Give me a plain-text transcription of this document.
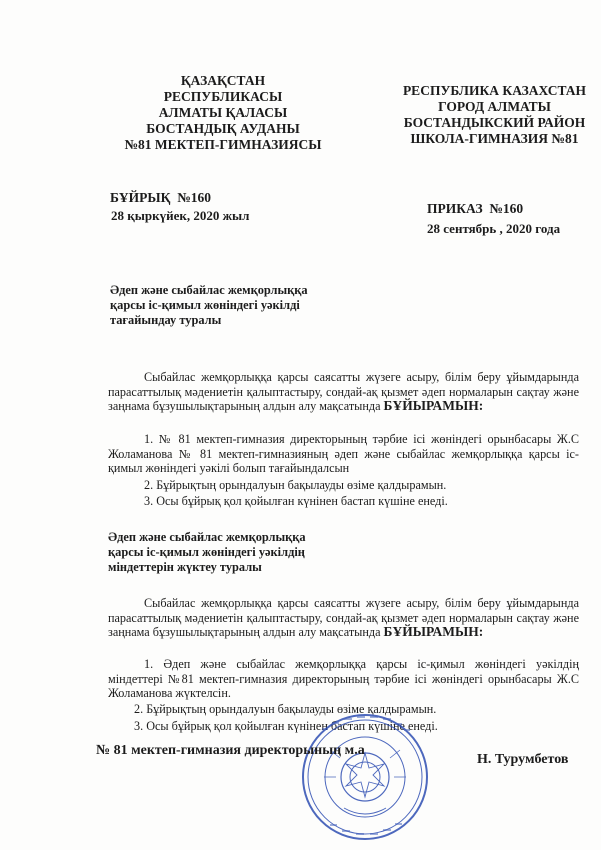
ҚАЗАҚСТАН
РЕСПУБЛИКАСЫ
АЛМАТЫ ҚАЛАСЫ
БОСТАНДЫҚ АУДАНЫ
№81 МЕКТЕП-ГИМНАЗИЯСЫ
РЕСПУБЛИКА КАЗАХСТАН
ГОРОД АЛМАТЫ
БОСТАНДЫКСКИЙ РАЙОН
ШКОЛА-ГИМНАЗИЯ №81
БҰЙРЫҚ  №160
28 қыркүйек, 2020 жыл	ПРИКАЗ  №160
28 сентябрь , 2020 года
Әдеп және сыбайлас жемқорлыққа
қарсы іс-қимыл жөніндегі уәкілді
тағайындау туралы
Сыбайлас жемқорлыққа қарсы саясатты жүзеге асыру, білім беру ұйымдарында парасаттылық мәдениетін қалыптастыру, сондай-ақ қызмет әдеп нормаларын сақтау және заңнама бұзушылықтарының алдын алу мақсатында БҰЙЫРАМЫН:
1. № 81 мектеп-гимназия директорының тәрбие ісі жөніндегі орынбасары Ж.С Жоламанова № 81 мектеп-гимназияның әдеп және сыбайлас жемқорлыққа қарсы іс-қимыл жөніндегі уәкілі болып тағайындалсын
2. Бұйрықтың орындалуын бақылауды өзіме қалдырамын.
3. Осы бұйрық қол қойылған күнінен бастап күшіне енеді.
Әдеп және сыбайлас жемқорлыққа
қарсы іс-қимыл жөніндегі уәкілдің
міндеттерін жүктеу туралы
Сыбайлас жемқорлыққа қарсы саясатты жүзеге асыру, білім беру ұйымдарында парасаттылық мәдениетін қалыптастыру, сондай-ақ қызмет әдеп нормаларын сақтау және заңнама бұзушылықтарының алдын алу мақсатында БҰЙЫРАМЫН:
1. Әдеп және сыбайлас жемқорлыққа қарсы іс-қимыл жөніндегі уәкілдің міндеттері №81 мектеп-гимназия директорының тәрбие ісі жөніндегі орынбасары Ж.С Жоламанова жүктелсін.
2. Бұйрықтың орындалуын бақылауды өзіме қалдырамын.
3. Осы бұйрық қол қойылған күнінен бастап күшіне енеді.
№ 81 мектеп-гимназия директорының м.а
Н. Турумбетов
